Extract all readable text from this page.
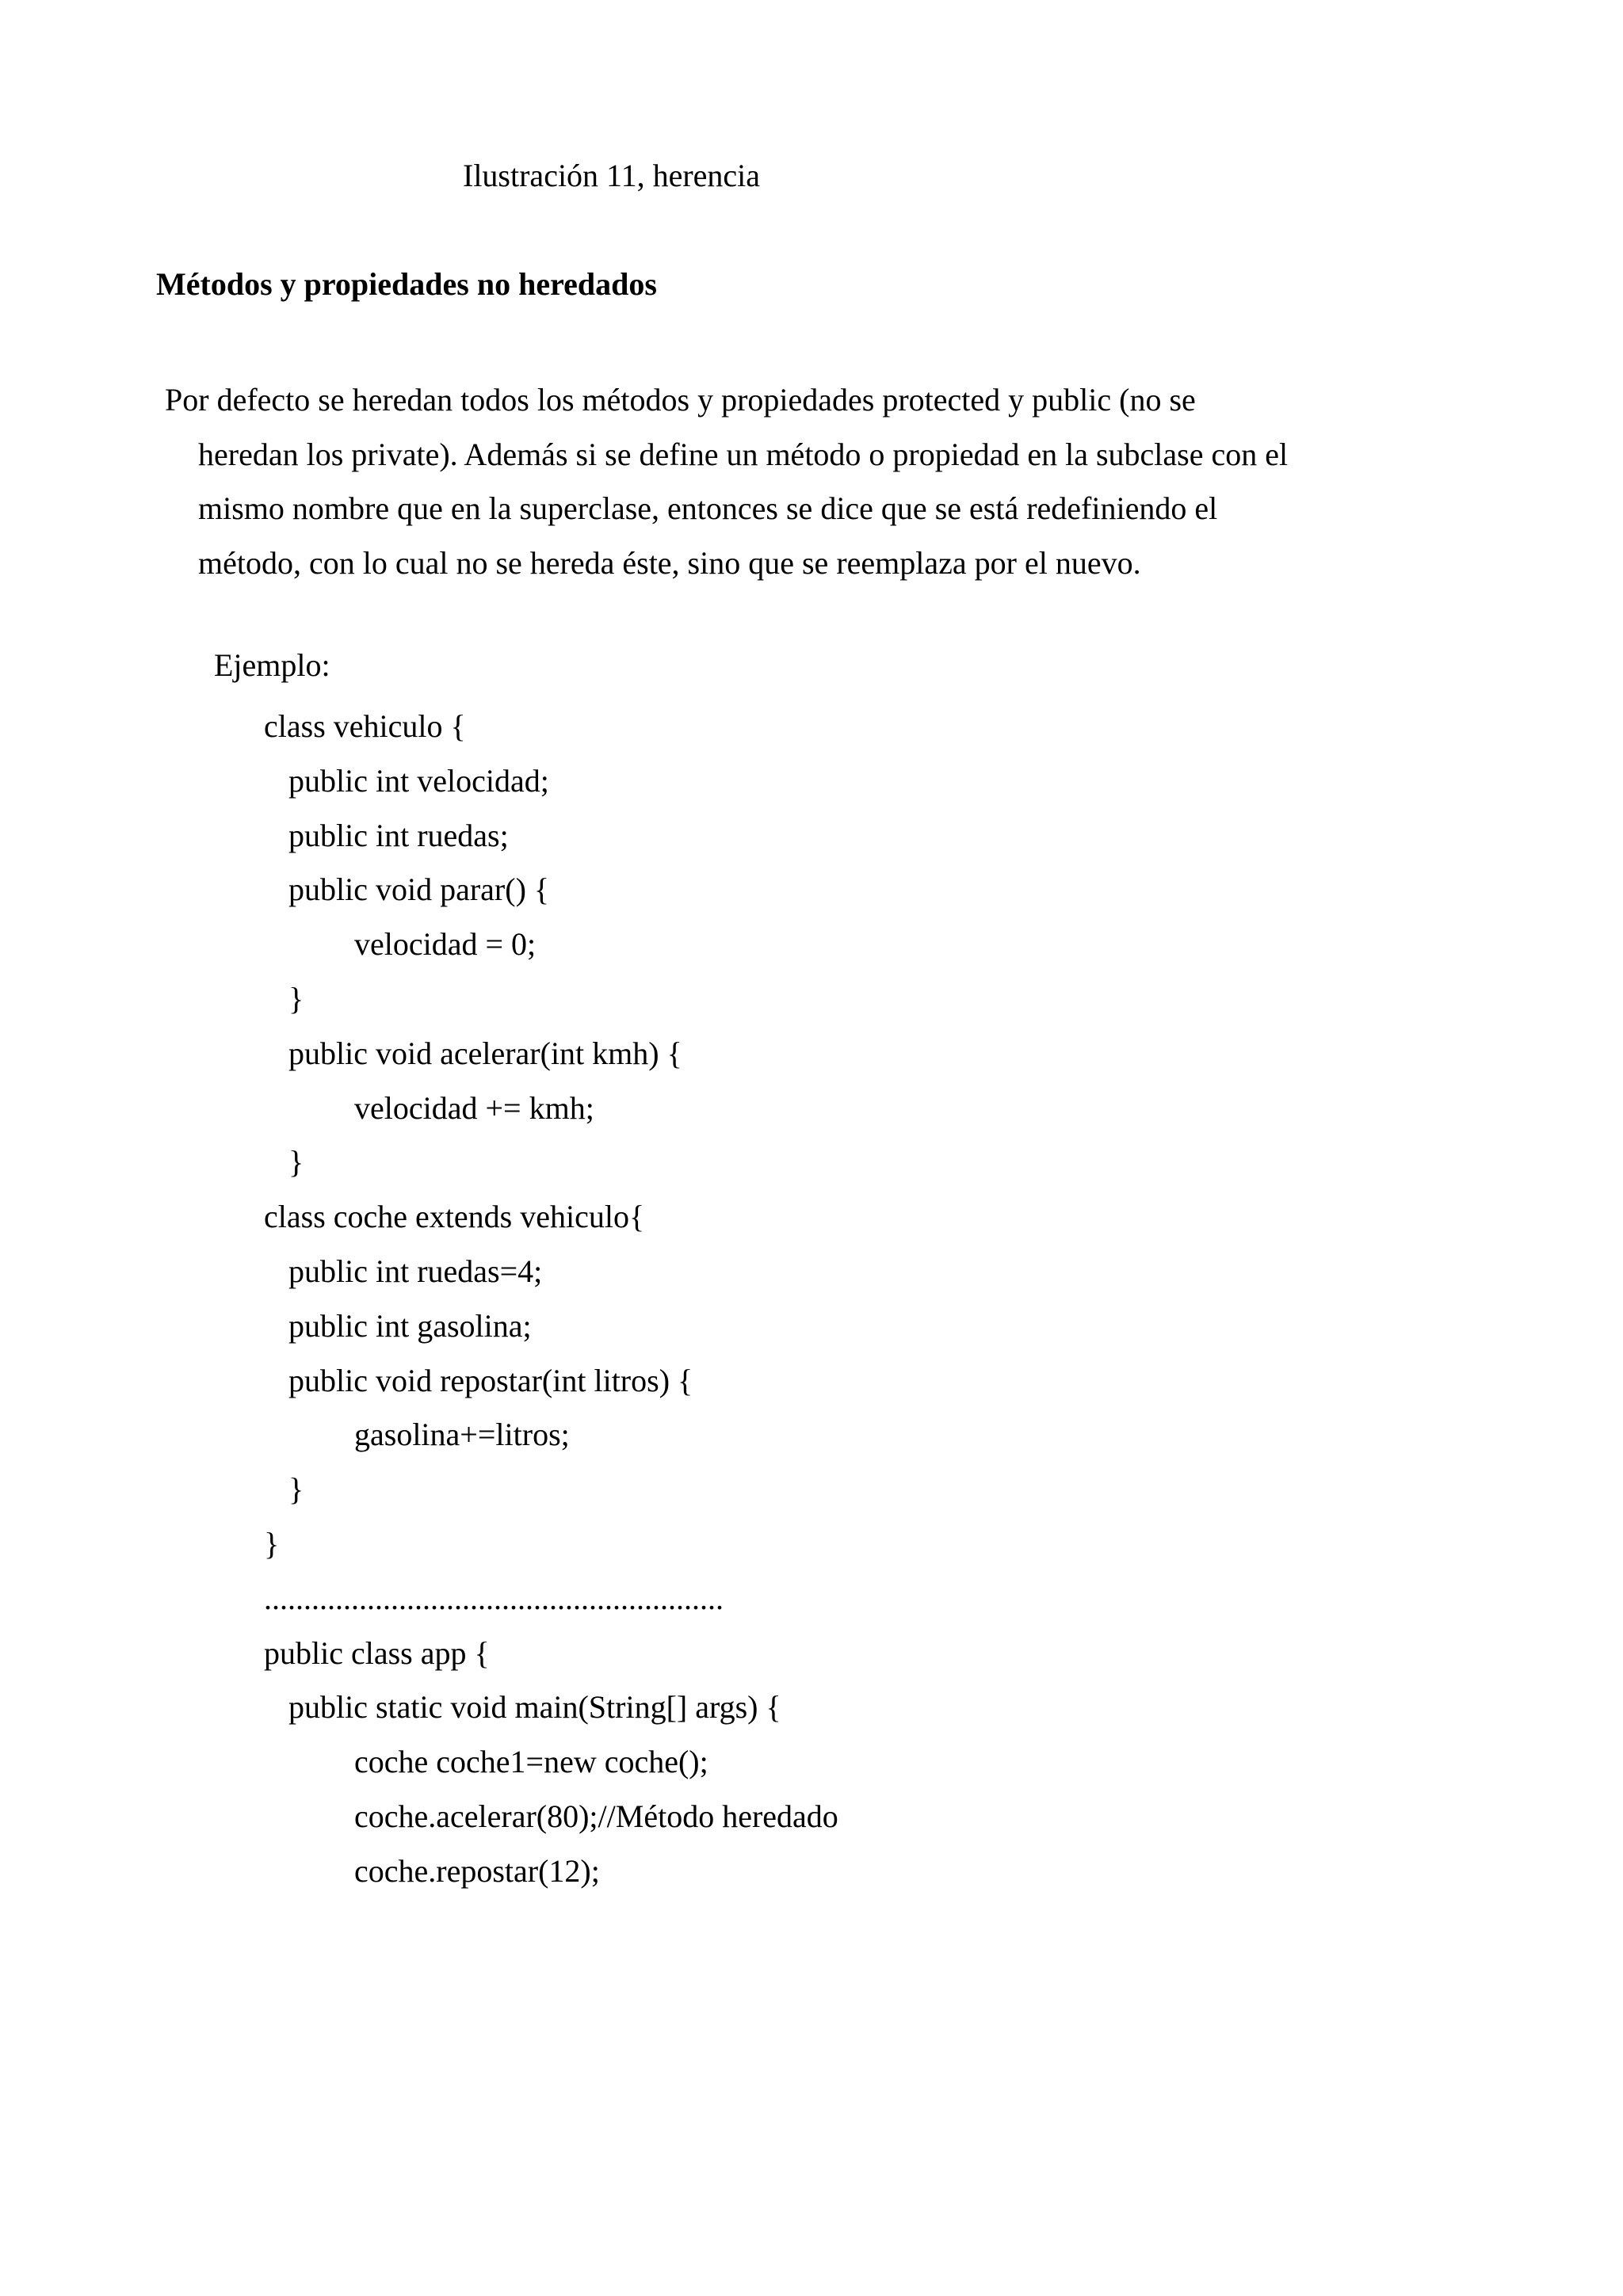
Ilustración 11, herencia
Métodos y propiedades no heredados
Por defecto se heredan todos los métodos y propiedades protected y public (no se
heredan los private). Además si se define un método o propiedad en la subclase con el
mismo nombre que en la superclase, entonces se dice que se está redefiniendo el
método, con lo cual no se hereda éste, sino que se reemplaza por el nuevo.
Ejemplo:
class vehiculo {
public int velocidad;
public int ruedas;
public void parar() {
velocidad = 0;
}
public void acelerar(int kmh) {
velocidad += kmh;
}
class coche extends vehiculo{
public int ruedas=4;
public int gasolina;
public void repostar(int litros) {
gasolina+=litros;
}
}
..........................................................
public class app {
public static void main(String[] args) {
coche coche1=new coche();
coche.acelerar(80);//Método heredado
coche.repostar(12);
